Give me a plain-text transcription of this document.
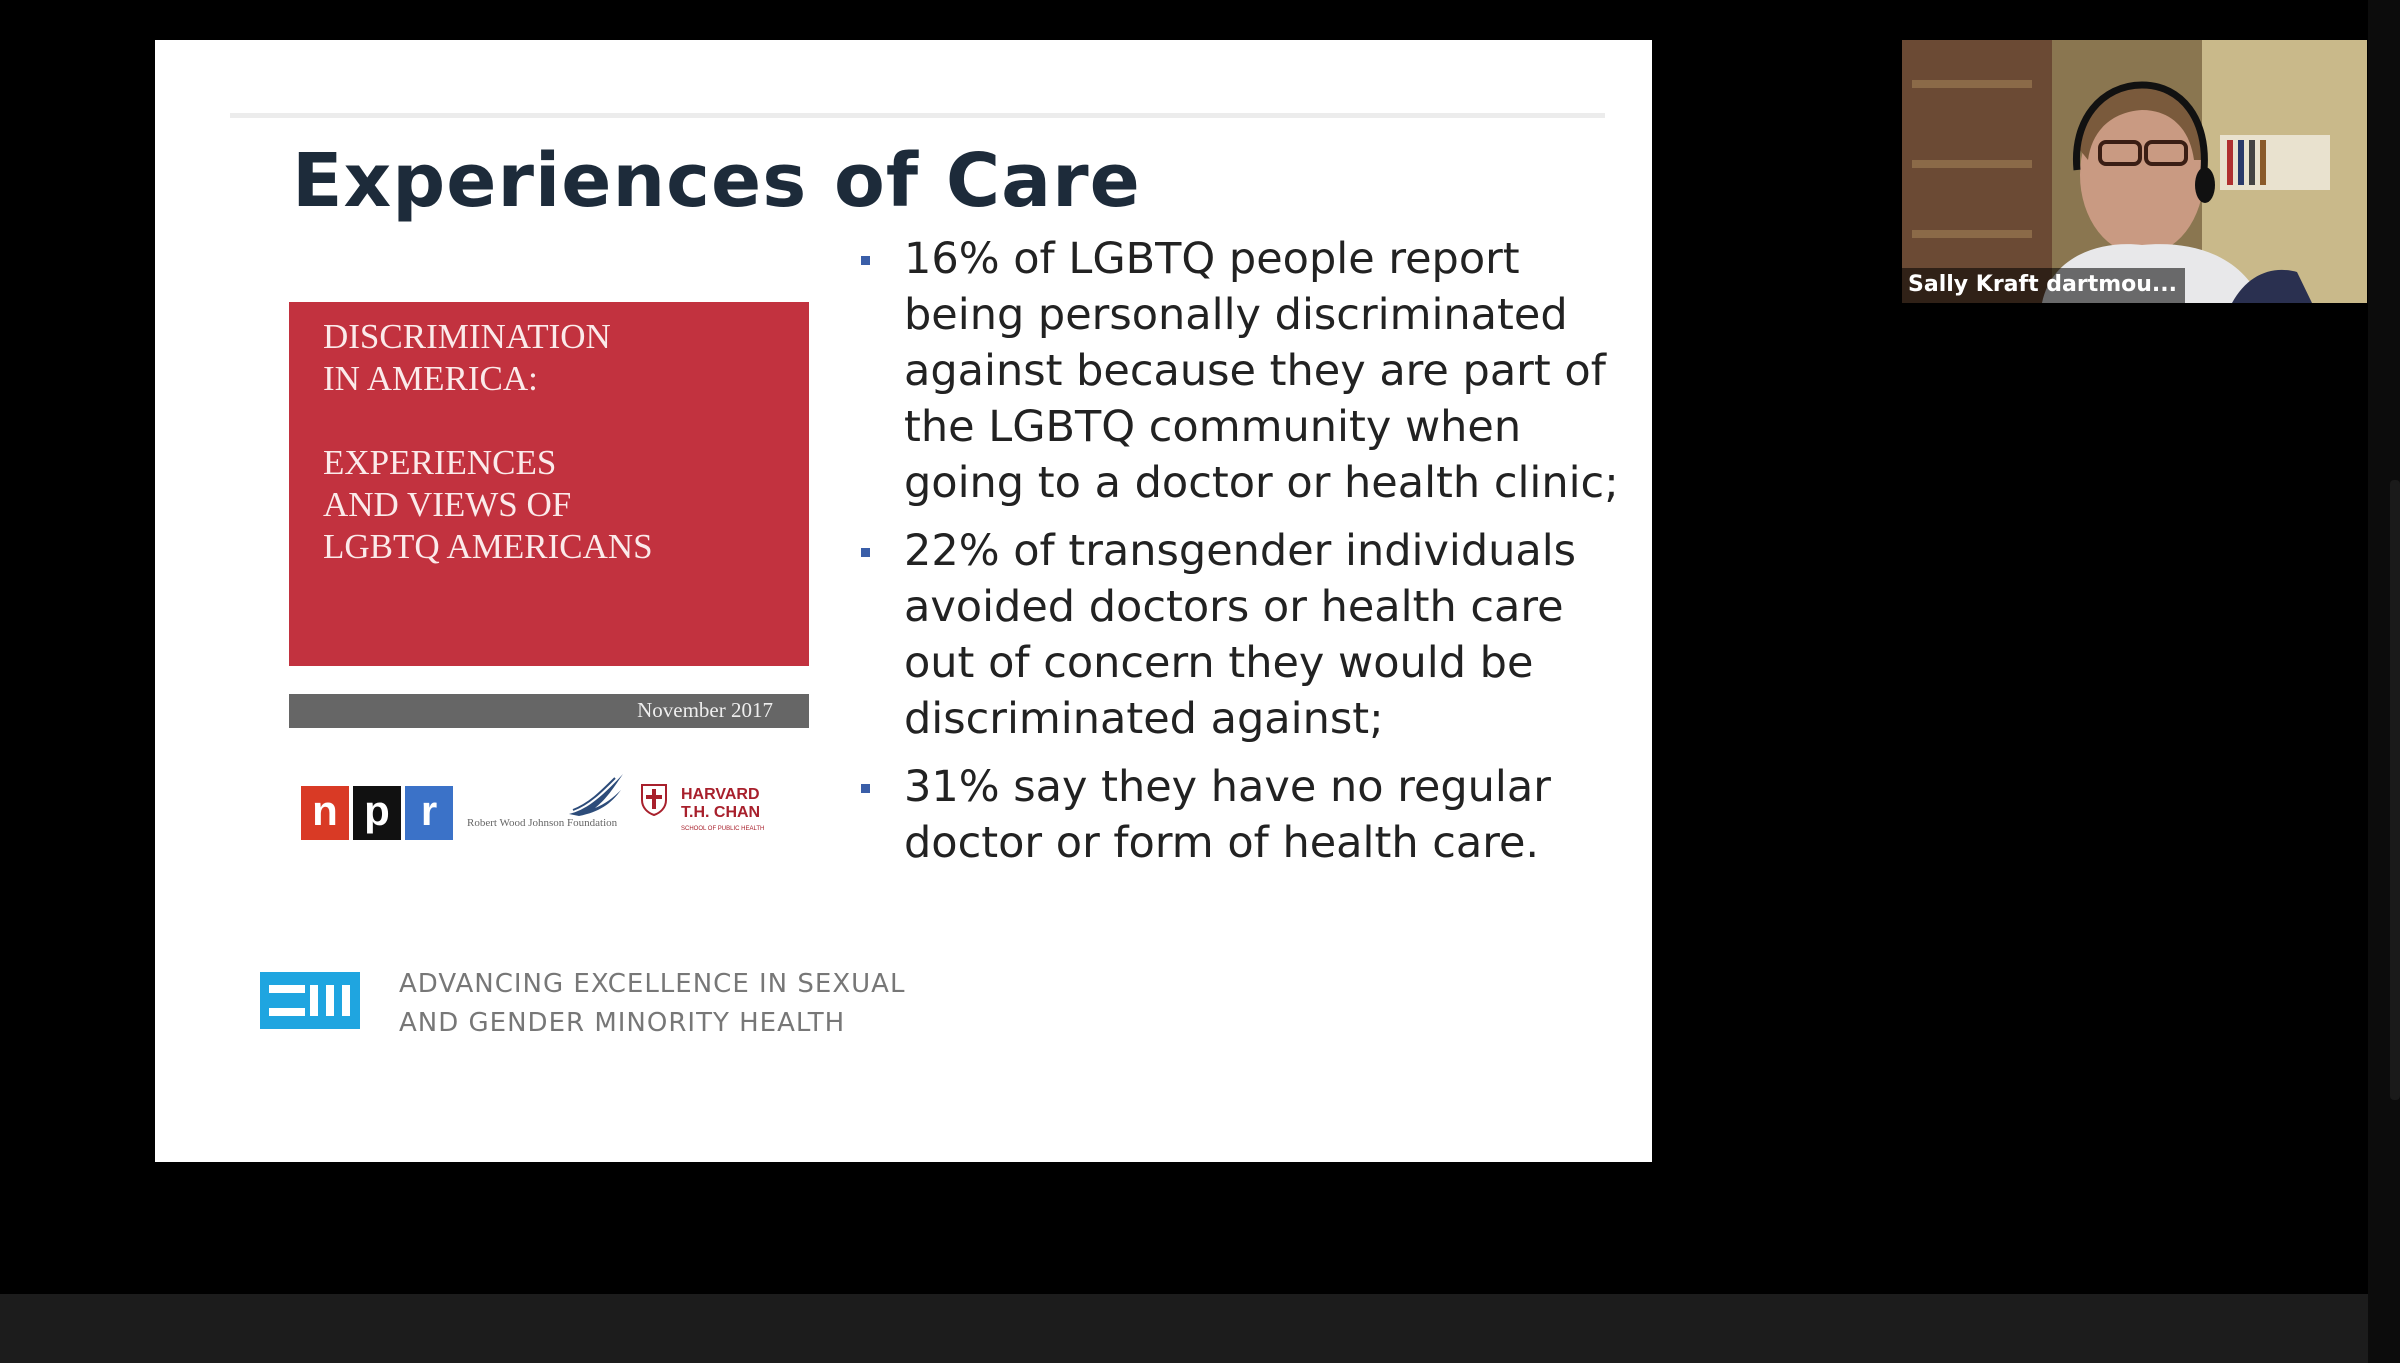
Experiences of Care
DISCRIMINATION
IN AMERICA:

EXPERIENCES
AND VIEWS OF
LGBTQ AMERICANS
November 2017
n p r	Robert Wood Johnson Foundation
HARVARD
T.H. CHAN
SCHOOL OF PUBLIC HEALTH
16% of LGBTQ people report being personally discriminated against because they are part of the LGBTQ community when going to a doctor or health clinic;
22% of transgender individuals avoided doctors or health care out of concern they would be discriminated against;
31% say they have no regular doctor or form of health care.
ADVANCING EXCELLENCE IN SEXUAL
AND GENDER MINORITY HEALTH
Sally Kraft dartmou...
